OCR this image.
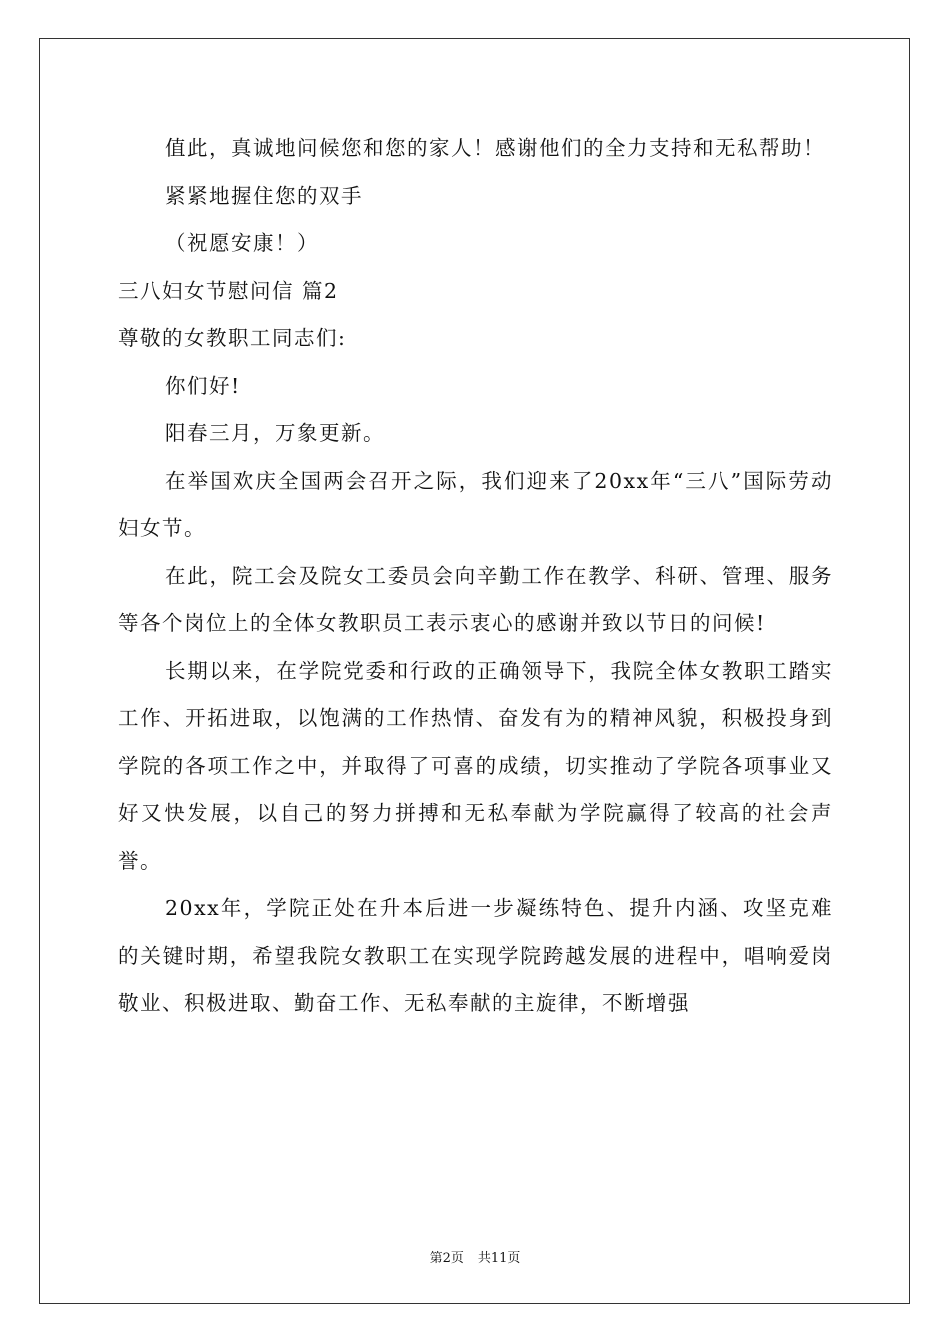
值此，真诚地问候您和您的家人！感谢他们的全力支持和无私帮助！

紧紧地握住您的双手

（祝愿安康！）

三八妇女节慰问信 篇2

尊敬的女教职工同志们:

你们好!

阳春三月，万象更新。

在举国欢庆全国两会召开之际，我们迎来了20xx年“三八”国际劳动妇女节。

在此，院工会及院女工委员会向辛勤工作在教学、科研、管理、服务等各个岗位上的全体女教职员工表示衷心的感谢并致以节日的问候!

长期以来，在学院党委和行政的正确领导下，我院全体女教职工踏实工作、开拓进取，以饱满的工作热情、奋发有为的精神风貌，积极投身到学院的各项工作之中，并取得了可喜的成绩，切实推动了学院各项事业又好又快发展，以自己的努力拼搏和无私奉献为学院赢得了较高的社会声誉。

20xx年，学院正处在升本后进一步凝练特色、提升内涵、攻坚克难的关键时期，希望我院女教职工在实现学院跨越发展的进程中，唱响爱岗敬业、积极进取、勤奋工作、无私奉献的主旋律，不断增强

第2页 共11页
